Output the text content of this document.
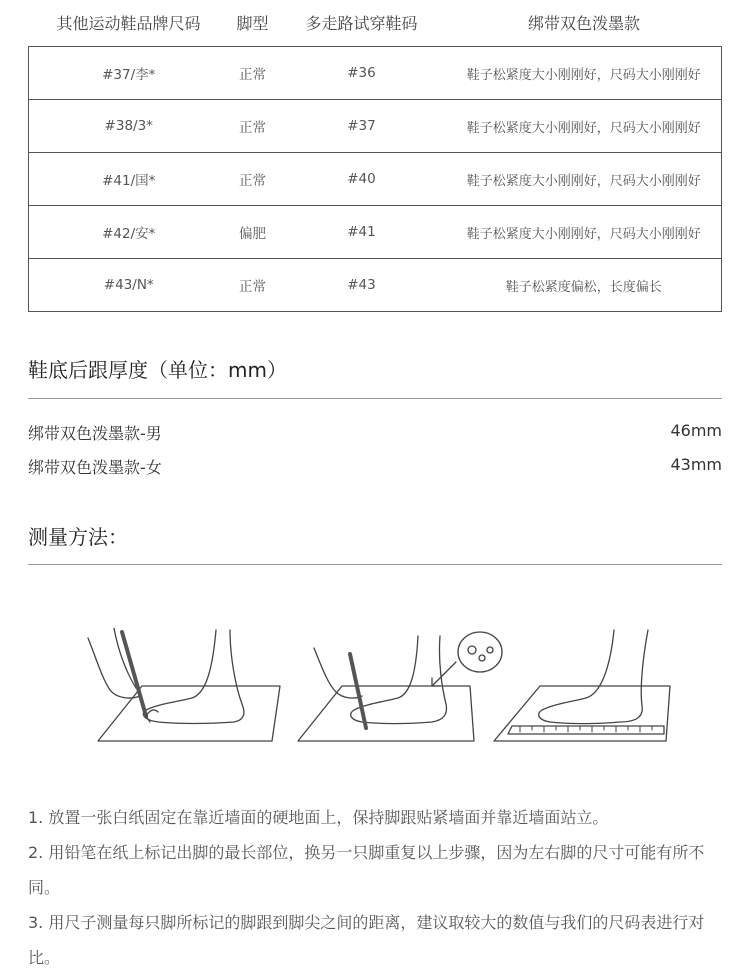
其他运动鞋品牌尺码	脚型	多走路试穿鞋码	绑带双色泼墨款
#37/李*	正常	#36	鞋子松紧度大小刚刚好，尺码大小刚刚好
#38/3*	正常	#37	鞋子松紧度大小刚刚好，尺码大小刚刚好
#41/国*	正常	#40	鞋子松紧度大小刚刚好，尺码大小刚刚好
#42/安*	偏肥	#41	鞋子松紧度大小刚刚好，尺码大小刚刚好
#43/N*	正常	#43	鞋子松紧度偏松，长度偏长
鞋底后跟厚度（单位：mm）
绑带双色泼墨款-男	46mm
绑带双色泼墨款-女	43mm
测量方法：

1. 放置一张白纸固定在靠近墙面的硬地面上，保持脚跟贴紧墙面并靠近墙面站立。

2. 用铅笔在纸上标记出脚的最长部位，换另一只脚重复以上步骤，因为左右脚的尺寸可能有所不同。

3. 用尺子测量每只脚所标记的脚跟到脚尖之间的距离，建议取较大的数值与我们的尺码表进行对比。
